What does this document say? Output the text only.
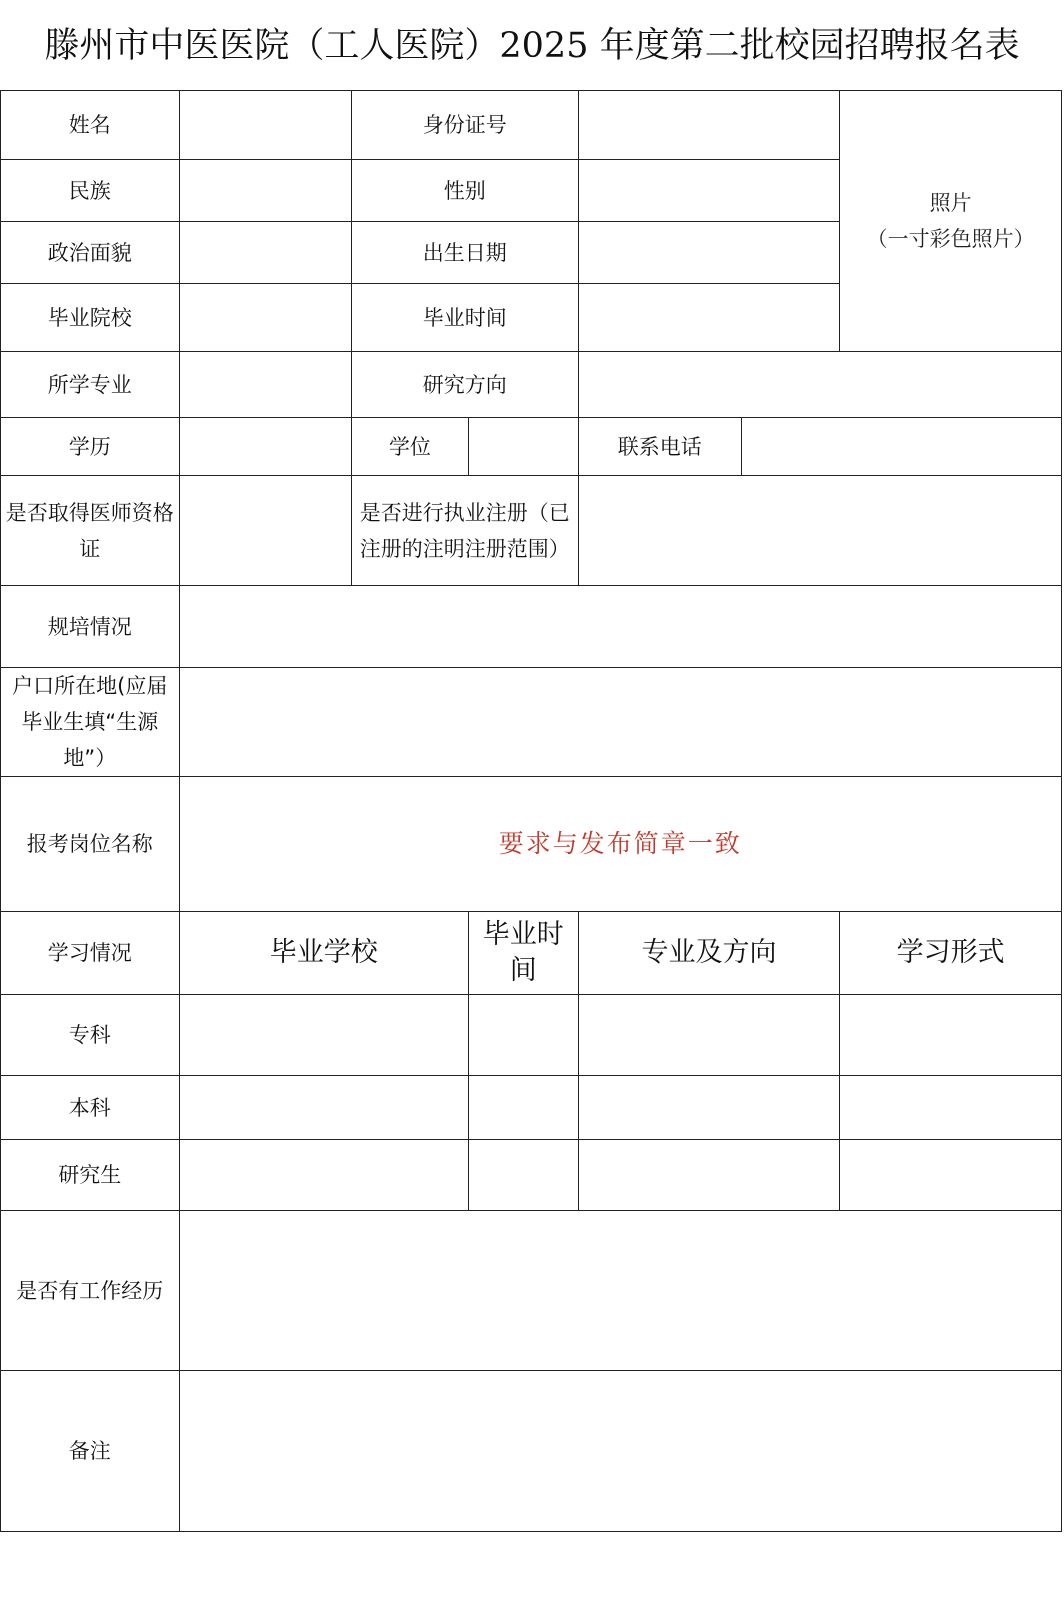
滕州市中医医院（工人医院）2025 年度第二批校园招聘报名表
姓名		身份证号				照片
（一寸彩色照片）

民族		性别				
政治面貌		出生日期				
毕业院校		毕业时间				
所学专业		研究方向				
学历		学位		联系电话		
是否取得医师资格证		是否进行执业注册（已注册的注明注册范围）				
规培情况						
户口所在地(应届毕业生填“生源地”）						
报考岗位名称	要求与发布简章一致					
学习情况	毕业学校		毕业时间	专业及方向		学习形式
专科						
本科						
研究生						
是否有工作经历						
备注						
